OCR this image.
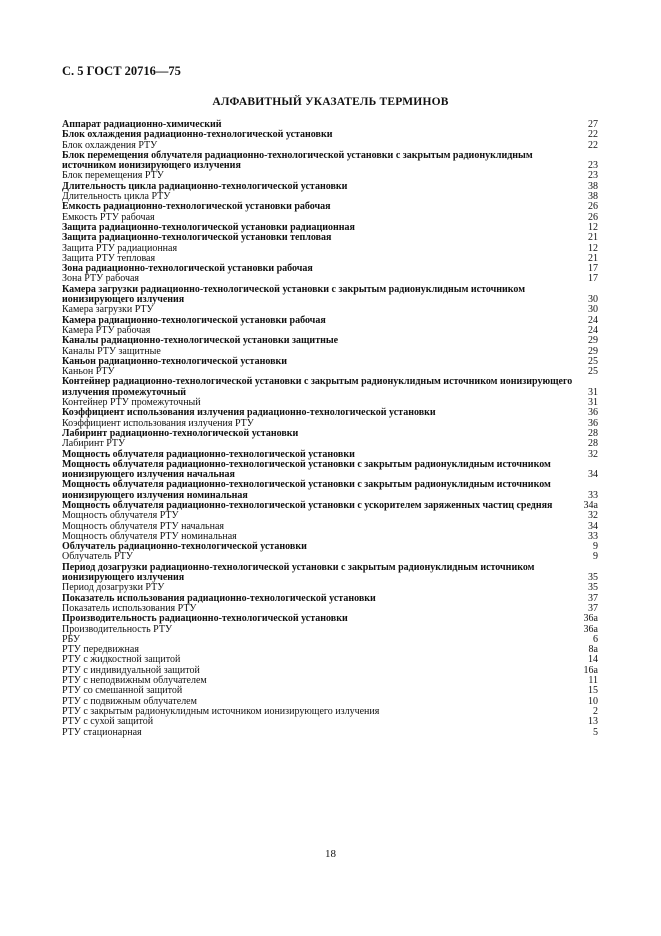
С. 5 ГОСТ 20716—75
АЛФАВИТНЫЙ УКАЗАТЕЛЬ ТЕРМИНОВ
Аппарат радиационно-химический	27
Блок охлаждения радиационно-технологической установки	22
Блок охлаждения РТУ	22
Блок перемещения облучателя радиационно-технологической установки с закрытым радионуклидным источником ионизирующего излучения	23
Блок перемещения РТУ	23
Длительность цикла радиационно-технологической установки	38
Длительность цикла РТУ	38
Емкость радиационно-технологической установки рабочая	26
Емкость РТУ рабочая	26
Защита радиационно-технологической установки радиационная	12
Защита радиационно-технологической установки тепловая	21
Защита РТУ радиационная	12
Защита РТУ тепловая	21
Зона радиационно-технологической установки рабочая	17
Зона РТУ рабочая	17
Камера загрузки радиационно-технологической установки с закрытым радионуклидным источником ионизирующего излучения	30
Камера загрузки РТУ	30
Камера радиационно-технологической установки рабочая	24
Камера РТУ рабочая	24
Каналы радиационно-технологической установки защитные	29
Каналы РТУ защитные	29
Каньон радиационно-технологической установки	25
Каньон РТУ	25
Контейнер радиационно-технологической установки с закрытым радионуклидным источником ионизирующего излучения промежуточный	31
Контейнер РТУ промежуточный	31
Коэффициент использования излучения радиационно-технологической установки	36
Коэффициент использования излучения РТУ	36
Лабиринт радиационно-технологической установки	28
Лабиринт РТУ	28
Мощность облучателя радиационно-технологической установки	32
Мощность облучателя радиационно-технологической установки с закрытым радионуклидным источником ионизирующего излучения начальная	34
Мощность облучателя радиационно-технологической установки с закрытым радионуклидным источником ионизирующего излучения номинальная	33
Мощность облучателя радиационно-технологической установки с ускорителем заряженных частиц средняя	34а
Мощность облучателя РТУ	32
Мощность облучателя РТУ начальная	34
Мощность облучателя РТУ номинальная	33
Облучатель радиационно-технологической установки	9
Облучатель РТУ	9
Период дозагрузки радиационно-технологической установки с закрытым радионуклидным источником ионизирующего излучения	35
Период дозагрузки РТУ	35
Показатель использования радиационно-технологической установки	37
Показатель использования РТУ	37
Производительность радиационно-технологической установки	36а
Производительность РТУ	36а
РБУ	6
РТУ передвижная	8а
РТУ с жидкостной защитой	14
РТУ с индивидуальной защитой	16а
РТУ с неподвижным облучателем	11
РТУ со смешанной защитой	15
РТУ с подвижным облучателем	10
РТУ с закрытым радионуклидным источником ионизирующего излучения	2
РТУ с сухой защитой	13
РТУ стационарная	5
18
